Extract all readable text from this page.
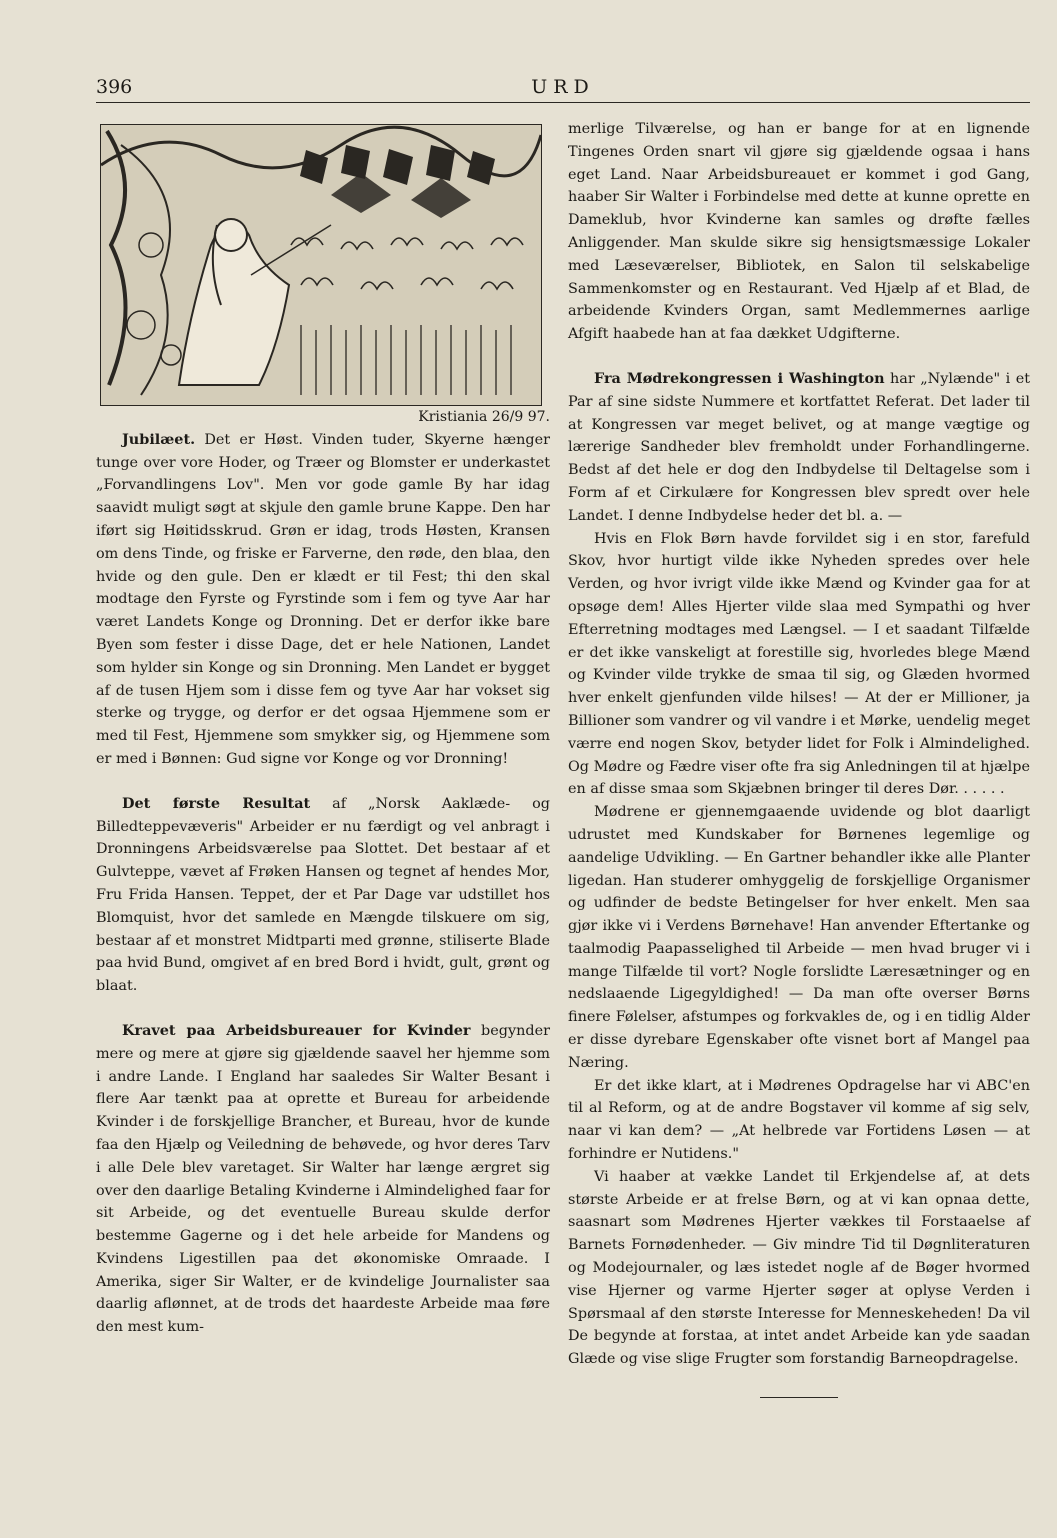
396	URD

Kristiania 26/9 97.

Jubilæet. Det er Høst. Vinden tuder, Skyerne hænger tunge over vore Hoder, og Træer og Blomster er underkastet „Forvandlingens Lov". Men vor gode gamle By har idag saavidt muligt søgt at skjule den gamle brune Kappe. Den har iført sig Høitidsskrud. Grøn er idag, trods Høsten, Kransen om dens Tinde, og friske er Farverne, den røde, den blaa, den hvide og den gule. Den er klædt er til Fest; thi den skal modtage den Fyrste og Fyrstinde som i fem og tyve Aar har været Landets Konge og Dronning. Det er derfor ikke bare Byen som fester i disse Dage, det er hele Nationen, Landet som hylder sin Konge og sin Dronning. Men Landet er bygget af de tusen Hjem som i disse fem og tyve Aar har vokset sig sterke og trygge, og derfor er det ogsaa Hjemmene som er med til Fest, Hjemmene som smykker sig, og Hjemmene som er med i Bønnen: Gud signe vor Konge og vor Dronning!

Det første Resultat af „Norsk Aaklæde- og Billedteppevæveris" Arbeider er nu færdigt og vel anbragt i Dronningens Arbeidsværelse paa Slottet. Det bestaar af et Gulvteppe, vævet af Frøken Hansen og tegnet af hendes Mor, Fru Frida Hansen. Teppet, der et Par Dage var udstillet hos Blomquist, hvor det samlede en Mængde tilskuere om sig, bestaar af et monstret Midtparti med grønne, stiliserte Blade paa hvid Bund, omgivet af en bred Bord i hvidt, gult, grønt og blaat.

Kravet paa Arbeidsbureauer for Kvinder begynder mere og mere at gjøre sig gjældende saavel her hjemme som i andre Lande. I England har saaledes Sir Walter Besant i flere Aar tænkt paa at oprette et Bureau for arbeidende Kvinder i de forskjellige Brancher, et Bureau, hvor de kunde faa den Hjælp og Veiledning de behøvede, og hvor deres Tarv i alle Dele blev varetaget. Sir Walter har længe ærgret sig over den daarlige Betaling Kvinderne i Almindelighed faar for sit Arbeide, og det eventuelle Bureau skulde derfor bestemme Gagerne og i det hele arbeide for Mandens og Kvindens Ligestillen paa det økonomiske Omraade. I Amerika, siger Sir Walter, er de kvindelige Journalister saa daarlig aflønnet, at de trods det haardeste Arbeide maa føre den mest kum-

merlige Tilværelse, og han er bange for at en lignende Tingenes Orden snart vil gjøre sig gjældende ogsaa i hans eget Land. Naar Arbeidsbureauet er kommet i god Gang, haaber Sir Walter i Forbindelse med dette at kunne oprette en Dameklub, hvor Kvinderne kan samles og drøfte fælles Anliggender. Man skulde sikre sig hensigtsmæssige Lokaler med Læseværelser, Bibliotek, en Salon til selskabelige Sammenkomster og en Restaurant. Ved Hjælp af et Blad, de arbeidende Kvinders Organ, samt Medlemmernes aarlige Afgift haabede han at faa dækket Udgifterne.

Fra Mødrekongressen i Washington har „Nylænde" i et Par af sine sidste Nummere et kortfattet Referat. Det lader til at Kongressen var meget belivet, og at mange vægtige og lærerige Sandheder blev fremholdt under Forhandlingerne. Bedst af det hele er dog den Indbydelse til Deltagelse som i Form af et Cirkulære for Kongressen blev spredt over hele Landet. I denne Indbydelse heder det bl. a. —

Hvis en Flok Børn havde forvildet sig i en stor, farefuld Skov, hvor hurtigt vilde ikke Nyheden spredes over hele Verden, og hvor ivrigt vilde ikke Mænd og Kvinder gaa for at opsøge dem! Alles Hjerter vilde slaa med Sympathi og hver Efterretning modtages med Længsel. — I et saadant Tilfælde er det ikke vanskeligt at forestille sig, hvorledes blege Mænd og Kvinder vilde trykke de smaa til sig, og Glæden hvormed hver enkelt gjenfunden vilde hilses! — At der er Millioner, ja Billioner som vandrer og vil vandre i et Mørke, uendelig meget værre end nogen Skov, betyder lidet for Folk i Almindelighed. Og Mødre og Fædre viser ofte fra sig Anledningen til at hjælpe en af disse smaa som Skjæbnen bringer til deres Dør. . . . . .

Mødrene er gjennemgaaende uvidende og blot daarligt udrustet med Kundskaber for Børnenes legemlige og aandelige Udvikling. — En Gartner behandler ikke alle Planter ligedan. Han studerer omhyggelig de forskjellige Organismer og udfinder de bedste Betingelser for hver enkelt. Men saa gjør ikke vi i Verdens Børnehave! Han anvender Eftertanke og taalmodig Paapasselighed til Arbeide — men hvad bruger vi i mange Tilfælde til vort? Nogle forslidte Læresætninger og en nedslaaende Ligegyldighed! — Da man ofte overser Børns finere Følelser, afstumpes og forkvakles de, og i en tidlig Alder er disse dyrebare Egenskaber ofte visnet bort af Mangel paa Næring.

Er det ikke klart, at i Mødrenes Opdragelse har vi ABC'en til al Reform, og at de andre Bogstaver vil komme af sig selv, naar vi kan dem? — „At helbrede var Fortidens Løsen — at forhindre er Nutidens."

Vi haaber at vække Landet til Erkjendelse af, at dets største Arbeide er at frelse Børn, og at vi kan opnaa dette, saasnart som Mødrenes Hjerter vækkes til Forstaaelse af Barnets Fornødenheder. — Giv mindre Tid til Døgnliteraturen og Modejournaler, og læs istedet nogle af de Bøger hvormed vise Hjerner og varme Hjerter søger at oplyse Verden i Spørsmaal af den største Interesse for Menneskeheden! Da vil De begynde at forstaa, at intet andet Arbeide kan yde saadan Glæde og vise slige Frugter som forstandig Barneopdragelse.
